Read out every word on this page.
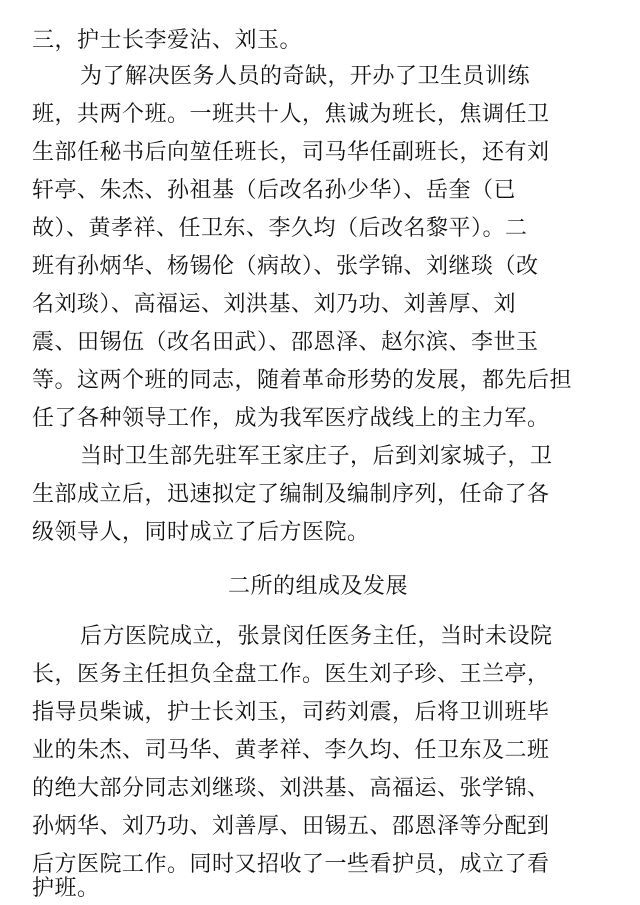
三，护士长李爱沾、刘玉。
为了解决医务人员的奇缺，开办了卫生员训练
班，共两个班。一班共十人，焦诚为班长，焦调任卫
生部任秘书后向堃任班长，司马华任副班长，还有刘
轩亭、朱杰、孙祖基（后改名孙少华）、岳奎（已
故）、黄孝祥、任卫东、李久均（后改名黎平）。二
班有孙炳华、杨锡伦（病故）、张学锦、刘继琰（改
名刘琰）、高福运、刘洪基、刘乃功、刘善厚、刘
震、田锡伍（改名田武）、邵恩泽、赵尔滨、李世玉
等。这两个班的同志，随着革命形势的发展，都先后担
任了各种领导工作，成为我军医疗战线上的主力军。
当时卫生部先驻军王家庄子，后到刘家城子，卫
生部成立后，迅速拟定了编制及编制序列，任命了各
级领导人，同时成立了后方医院。
二所的组成及发展
后方医院成立，张景闵任医务主任，当时未设院
长，医务主任担负全盘工作。医生刘子珍、王兰亭，
指导员柴诚，护士长刘玉，司药刘震，后将卫训班毕
业的朱杰、司马华、黄孝祥、李久均、任卫东及二班
的绝大部分同志刘继琰、刘洪基、高福运、张学锦、
孙炳华、刘乃功、刘善厚、田锡五、邵恩泽等分配到
后方医院工作。同时又招收了一些看护员，成立了看
护班。
